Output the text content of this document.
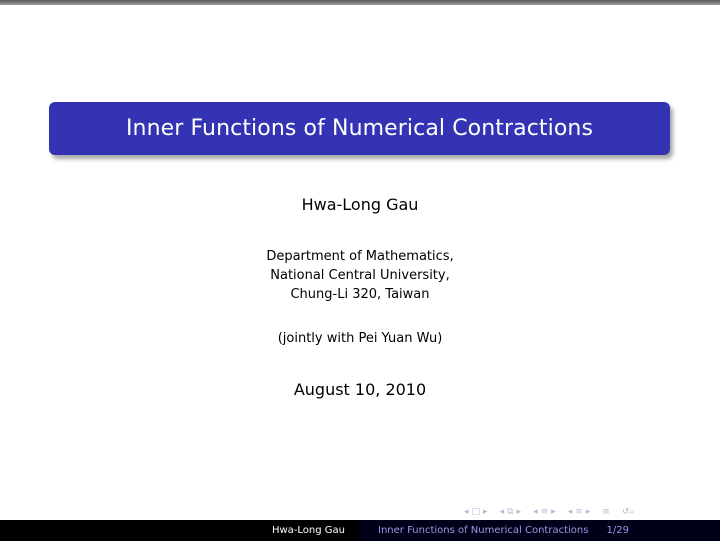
Inner Functions of Numerical Contractions
Hwa-Long Gau
Department of Mathematics,
National Central University,
Chung-Li 320, Taiwan
(jointly with Pei Yuan Wu)
August 10, 2010
◂ □ ▸ ◂ ⧉ ▸ ◂ ≡ ▸ ◂ ≡ ▸ ≡ ↺⌕
Hwa-Long Gau	Inner Functions of Numerical Contractions 1/29
